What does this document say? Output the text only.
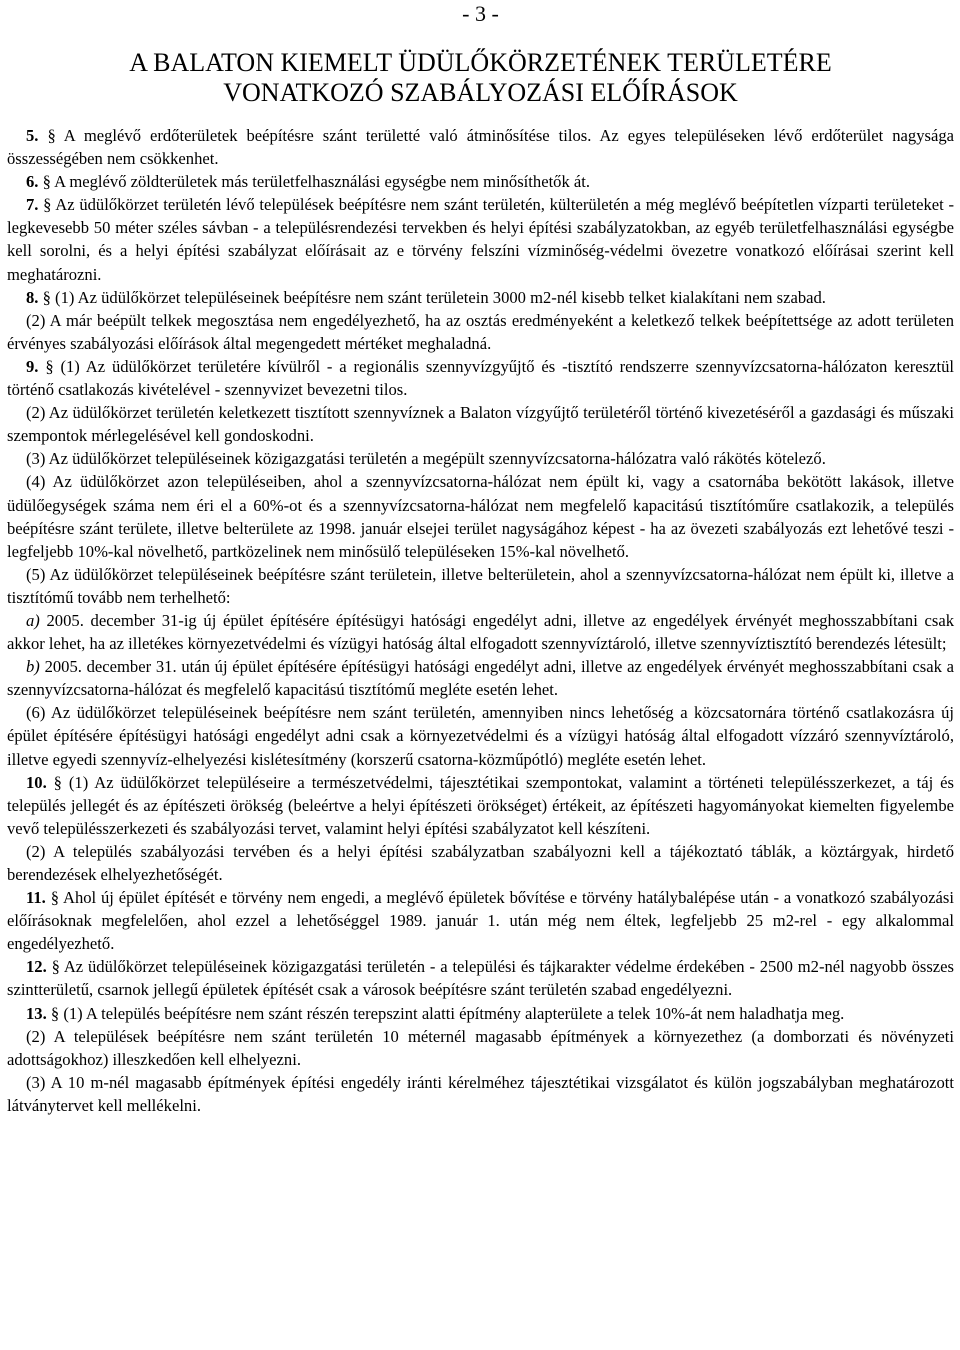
- 3 -
A BALATON KIEMELT ÜDÜLŐKÖRZETÉNEK TERÜLETÉRE
VONATKOZÓ SZABÁLYOZÁSI ELŐÍRÁSOK

5. § A meglévő erdőterületek beépítésre szánt területté való átminősítése tilos. Az egyes településeken lévő erdőterület nagysága összességében nem csökkenhet.

6. § A meglévő zöldterületek más területfelhasználási egységbe nem minősíthetők át.

7. § Az üdülőkörzet területén lévő települések beépítésre nem szánt területén, külterületén a még meglévő beépítetlen vízparti területeket - legkevesebb 50 méter széles sávban - a településrendezési tervekben és helyi építési szabályzatokban, az egyéb területfelhasználási egységbe kell sorolni, és a helyi építési szabályzat előírásait az e törvény felszíni vízminőség-védelmi övezetre vonatkozó előírásai szerint kell meghatározni.

8. § (1) Az üdülőkörzet településeinek beépítésre nem szánt területein 3000 m2-nél kisebb telket kialakítani nem szabad.

(2) A már beépült telkek megosztása nem engedélyezhető, ha az osztás eredményeként a keletkező telkek beépítettsége az adott területen érvényes szabályozási előírások által megengedett mértéket meghaladná.

9. § (1) Az üdülőkörzet területére kívülről - a regionális szennyvízgyűjtő és -tisztító rendszerre szennyvízcsatorna-hálózaton keresztül történő csatlakozás kivételével - szennyvizet bevezetni tilos.

(2) Az üdülőkörzet területén keletkezett tisztított szennyvíznek a Balaton vízgyűjtő területéről történő kivezetéséről a gazdasági és műszaki szempontok mérlegelésével kell gondoskodni.

(3) Az üdülőkörzet településeinek közigazgatási területén a megépült szennyvízcsatorna-hálózatra való rákötés kötelező.

(4) Az üdülőkörzet azon településeiben, ahol a szennyvízcsatorna-hálózat nem épült ki, vagy a csatornába bekötött lakások, illetve üdülőegységek száma nem éri el a 60%-ot és a szennyvízcsatorna-hálózat nem megfelelő kapacitású tisztítóműre csatlakozik, a település beépítésre szánt területe, illetve belterülete az 1998. január elsejei terület nagyságához képest - ha az övezeti szabályozás ezt lehetővé teszi - legfeljebb 10%-kal növelhető, partközelinek nem minősülő településeken 15%-kal növelhető.

(5) Az üdülőkörzet településeinek beépítésre szánt területein, illetve belterületein, ahol a szennyvízcsatorna-hálózat nem épült ki, illetve a tisztítómű tovább nem terhelhető:

a) 2005. december 31-ig új épület építésére építésügyi hatósági engedélyt adni, illetve az engedélyek érvényét meghosszabbítani csak akkor lehet, ha az illetékes környezetvédelmi és vízügyi hatóság által elfogadott szennyvíztároló, illetve szennyvíztisztító berendezés létesült;

b) 2005. december 31. után új épület építésére építésügyi hatósági engedélyt adni, illetve az engedélyek érvényét meghosszabbítani csak a szennyvízcsatorna-hálózat és megfelelő kapacitású tisztítómű megléte esetén lehet.

(6) Az üdülőkörzet településeinek beépítésre nem szánt területén, amennyiben nincs lehetőség a közcsatornára történő csatlakozásra új épület építésére építésügyi hatósági engedélyt adni csak a környezetvédelmi és a vízügyi hatóság által elfogadott vízzáró szennyvíztároló, illetve egyedi szennyvíz-elhelyezési kislétesítmény (korszerű csatorna-közműpótló) megléte esetén lehet.

10. § (1) Az üdülőkörzet településeire a természetvédelmi, tájesztétikai szempontokat, valamint a történeti településszerkezet, a táj és település jellegét és az építészeti örökség (beleértve a helyi építészeti örökséget) értékeit, az építészeti hagyományokat kiemelten figyelembe vevő településszerkezeti és szabályozási tervet, valamint helyi építési szabályzatot kell készíteni.

(2) A település szabályozási tervében és a helyi építési szabályzatban szabályozni kell a tájékoztató táblák, a köztárgyak, hirdető berendezések elhelyezhetőségét.

11. § Ahol új épület építését e törvény nem engedi, a meglévő épületek bővítése e törvény hatálybalépése után - a vonatkozó szabályozási előírásoknak megfelelően, ahol ezzel a lehetőséggel 1989. január 1. után még nem éltek, legfeljebb 25 m2-rel - egy alkalommal engedélyezhető.

12. § Az üdülőkörzet településeinek közigazgatási területén - a települési és tájkarakter védelme érdekében - 2500 m2-nél nagyobb összes szintterületű, csarnok jellegű épületek építését csak a városok beépítésre szánt területén szabad engedélyezni.

13. § (1) A település beépítésre nem szánt részén terepszint alatti építmény alapterülete a telek 10%-át nem haladhatja meg.

(2) A települések beépítésre nem szánt területén 10 méternél magasabb építmények a környezethez (a domborzati és növényzeti adottságokhoz) illeszkedően kell elhelyezni.

(3) A 10 m-nél magasabb építmények építési engedély iránti kérelméhez tájesztétikai vizsgálatot és külön jogszabályban meghatározott látványtervet kell mellékelni.
